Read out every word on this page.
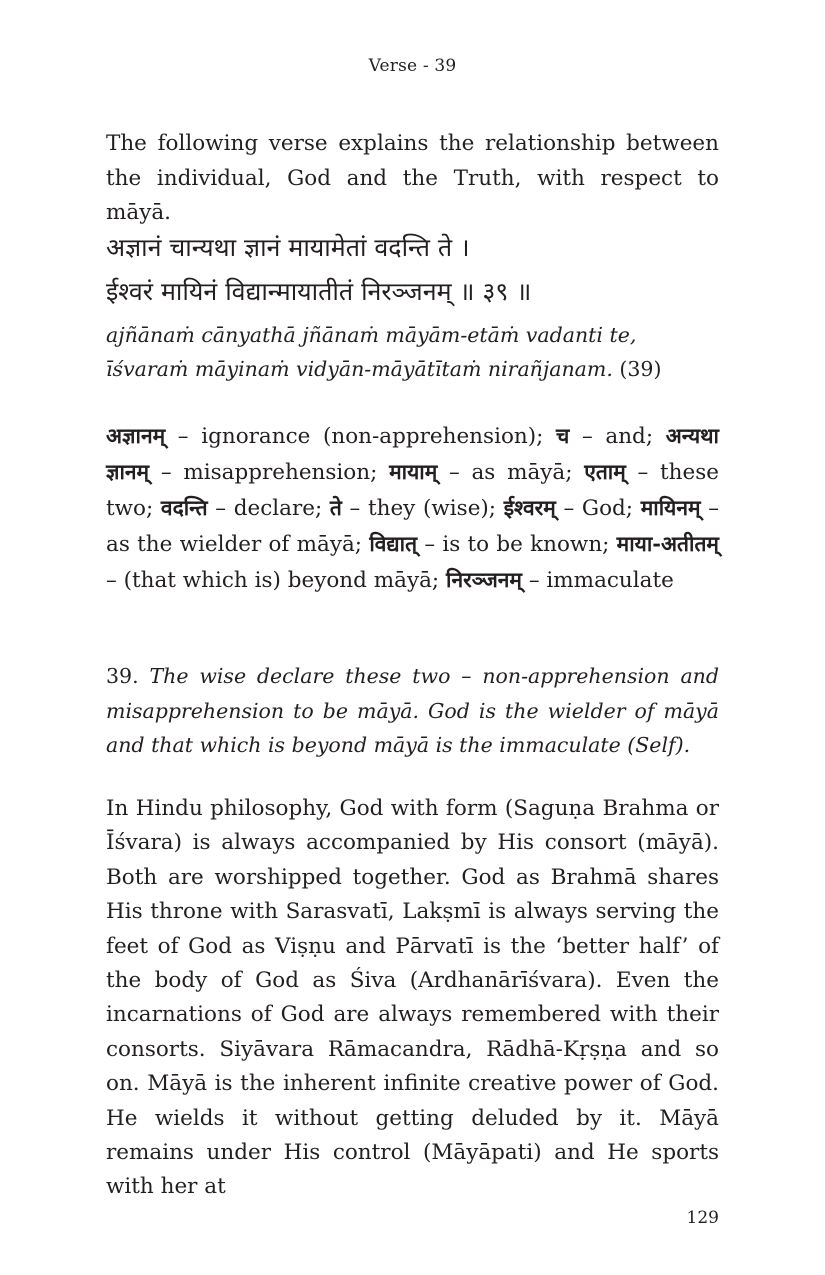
Verse - 39

The following verse explains the relationship between the individual, God and the Truth, with respect to māyā.

अज्ञानं चान्यथा ज्ञानं मायामेतां वदन्ति ते ।
ईश्वरं मायिनं विद्यान्मायातीतं निरञ्जनम् ॥ ३९ ॥
ajñānaṁ cānyathā jñānaṁ māyām-etāṁ vadanti te,
īśvaraṁ māyinaṁ vidyān-māyātītaṁ nirañjanam. (39)

अज्ञानम् – ignorance (non-apprehension); च – and; अन्यथा ज्ञानम् – misapprehension; मायाम् – as māyā; एताम् – these two; वदन्ति – declare; ते – they (wise); ईश्वरम् – God; मायिनम् – as the wielder of māyā; विद्यात् – is to be known; माया-अतीतम् – (that which is) beyond māyā; निरञ्जनम् – immaculate

39. The wise declare these two – non-apprehension and misapprehension to be māyā. God is the wielder of māyā and that which is beyond māyā is the immaculate (Self).

In Hindu philosophy, God with form (Saguṇa Brahma or Īśvara) is always accompanied by His consort (māyā). Both are worshipped together. God as Brahmā shares His throne with Sarasvatī, Lakṣmī is always serving the feet of God as Viṣṇu and Pārvatī is the ‘better half’ of the body of God as Śiva (Ardhanārīśvara). Even the incarnations of God are always remembered with their consorts. Siyāvara Rāmacandra, Rādhā-Kṛṣṇa and so on. Māyā is the inherent infinite creative power of God. He wields it without getting deluded by it. Māyā remains under His control (Māyāpati) and He sports with her at

129
